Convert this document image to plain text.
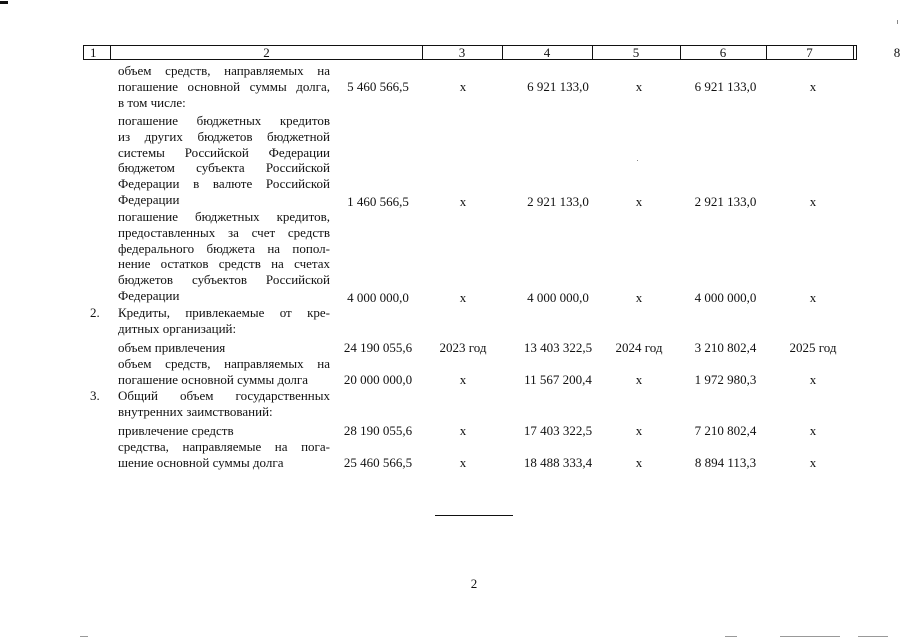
1	2	3	4	5	6	7	8
объем средств, направляемых на
погашение основной суммы долга,
в том числе:
5 460 566,5	х	6 921 133,0	х	6 921 133,0	х
погашение бюджетных кредитов
из других бюджетов бюджетной
системы Российской Федерации
бюджетом субъекта Российской
Федерации в валюте Российской
Федерации	1 460 566,5	х	2 921 133,0	х	2 921 133,0	х
погашение бюджетных кредитов,
предоставленных за счет средств
федерального бюджета на попол-
нение остатков средств на счетах
бюджетов субъектов Российской
Федерации	4 000 000,0	х	4 000 000,0	х	4 000 000,0	х
2. Кредиты, привлекаемые от кре-
дитных организаций:
объем привлечения	24 190 055,6	2023 год	13 403 322,5	2024 год	3 210 802,4	2025 год
объем средств, направляемых на
погашение основной суммы долга	20 000 000,0	х	11 567 200,4	х	1 972 980,3	х
3. Общий объем государственных
внутренних заимствований:
привлечение средств	28 190 055,6	х	17 403 322,5	х	7 210 802,4	х
средства, направляемые на пога-
шение основной суммы долга	25 460 566,5	х	18 488 333,4	х	8 894 113,3	х
2
